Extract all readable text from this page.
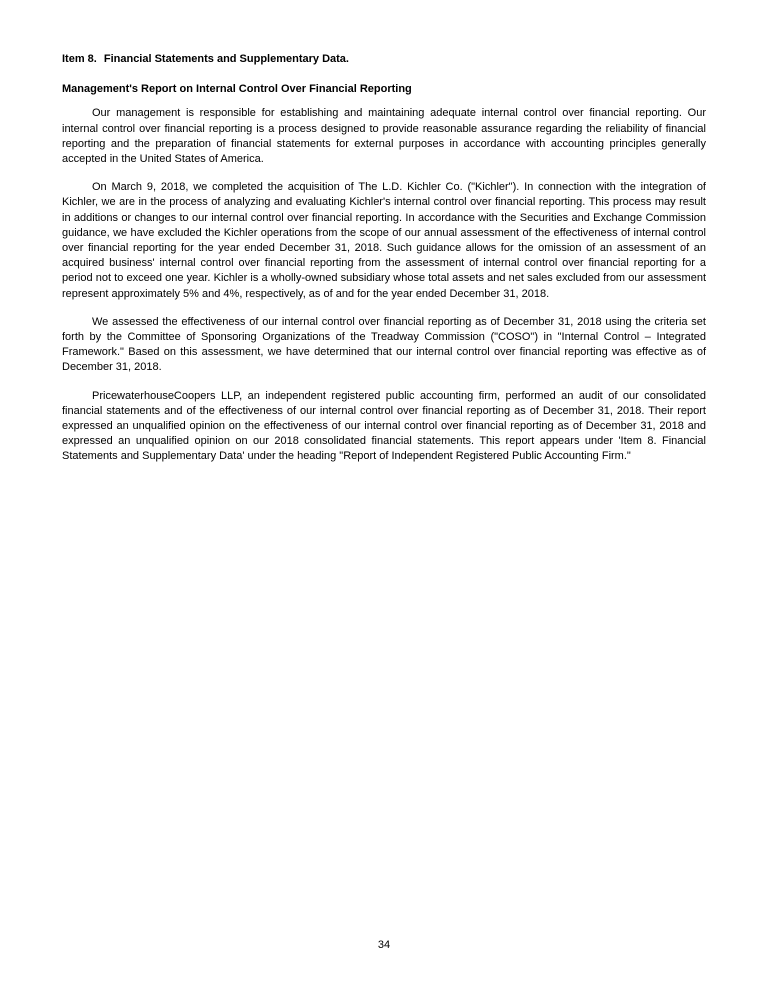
Item 8. Financial Statements and Supplementary Data.
Management's Report on Internal Control Over Financial Reporting

Our management is responsible for establishing and maintaining adequate internal control over financial reporting. Our internal control over financial reporting is a process designed to provide reasonable assurance regarding the reliability of financial reporting and the preparation of financial statements for external purposes in accordance with accounting principles generally accepted in the United States of America.

On March 9, 2018, we completed the acquisition of The L.D. Kichler Co. ("Kichler"). In connection with the integration of Kichler, we are in the process of analyzing and evaluating Kichler's internal control over financial reporting. This process may result in additions or changes to our internal control over financial reporting. In accordance with the Securities and Exchange Commission guidance, we have excluded the Kichler operations from the scope of our annual assessment of the effectiveness of internal control over financial reporting for the year ended December 31, 2018. Such guidance allows for the omission of an assessment of an acquired business' internal control over financial reporting from the assessment of internal control over financial reporting for a period not to exceed one year. Kichler is a wholly-owned subsidiary whose total assets and net sales excluded from our assessment represent approximately 5% and 4%, respectively, as of and for the year ended December 31, 2018.

We assessed the effectiveness of our internal control over financial reporting as of December 31, 2018 using the criteria set forth by the Committee of Sponsoring Organizations of the Treadway Commission ("COSO") in "Internal Control – Integrated Framework." Based on this assessment, we have determined that our internal control over financial reporting was effective as of December 31, 2018.

PricewaterhouseCoopers LLP, an independent registered public accounting firm, performed an audit of our consolidated financial statements and of the effectiveness of our internal control over financial reporting as of December 31, 2018. Their report expressed an unqualified opinion on the effectiveness of our internal control over financial reporting as of December 31, 2018 and expressed an unqualified opinion on our 2018 consolidated financial statements. This report appears under 'Item 8. Financial Statements and Supplementary Data' under the heading "Report of Independent Registered Public Accounting Firm."

34
